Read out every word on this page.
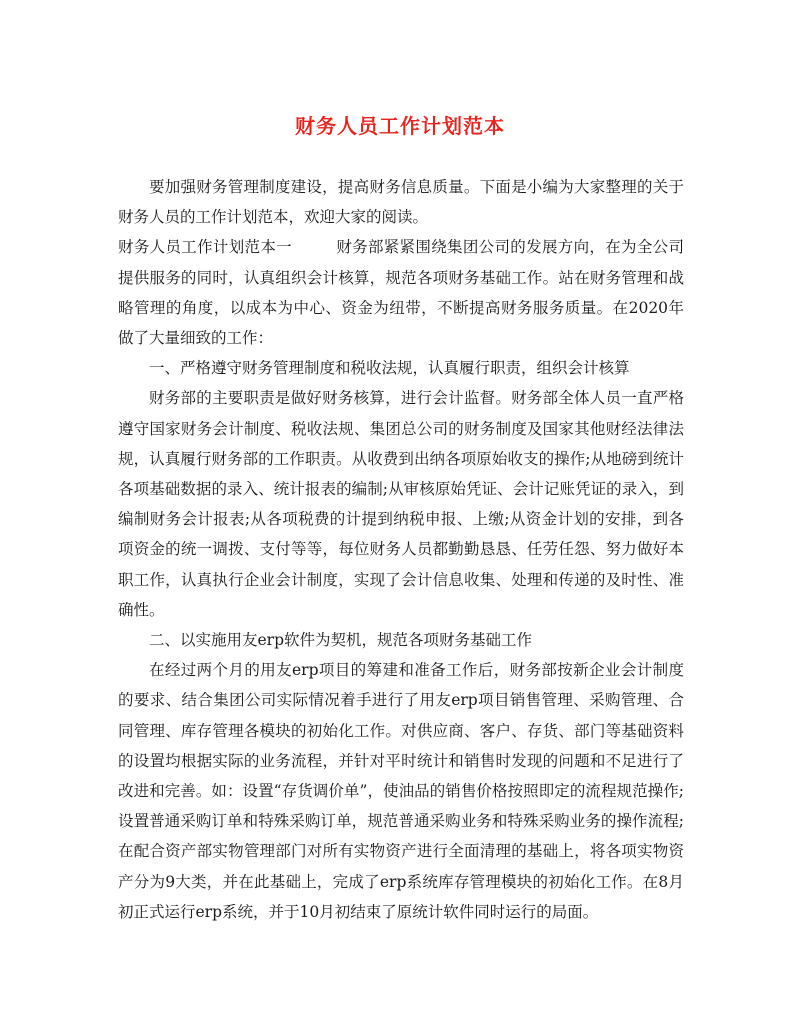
财务人员工作计划范本

要加强财务管理制度建设，提高财务信息质量。下面是小编为大家整理的关于财务人员的工作计划范本，欢迎大家的阅读。

财务人员工作计划范本一	财务部紧紧围绕集团公司的发展方向，在为全公司提供服务的同时，认真组织会计核算，规范各项财务基础工作。站在财务管理和战略管理的角度，以成本为中心、资金为纽带，不断提高财务服务质量。在2020年做了大量细致的工作：

一、严格遵守财务管理制度和税收法规，认真履行职责，组织会计核算

财务部的主要职责是做好财务核算，进行会计监督。财务部全体人员一直严格遵守国家财务会计制度、税收法规、集团总公司的财务制度及国家其他财经法律法规，认真履行财务部的工作职责。从收费到出纳各项原始收支的操作;从地磅到统计各项基础数据的录入、统计报表的编制;从审核原始凭证、会计记账凭证的录入，到编制财务会计报表;从各项税费的计提到纳税申报、上缴;从资金计划的安排，到各项资金的统一调拨、支付等等，每位财务人员都勤勤恳恳、任劳任怨、努力做好本职工作，认真执行企业会计制度，实现了会计信息收集、处理和传递的及时性、准确性。

二、以实施用友erp软件为契机，规范各项财务基础工作

在经过两个月的用友erp项目的筹建和准备工作后，财务部按新企业会计制度的要求、结合集团公司实际情况着手进行了用友erp项目销售管理、采购管理、合同管理、库存管理各模块的初始化工作。对供应商、客户、存货、部门等基础资料的设置均根据实际的业务流程，并针对平时统计和销售时发现的问题和不足进行了改进和完善。如：设置“存货调价单”，使油品的销售价格按照即定的流程规范操作;设置普通采购订单和特殊采购订单，规范普通采购业务和特殊采购业务的操作流程;在配合资产部实物管理部门对所有实物资产进行全面清理的基础上，将各项实物资产分为9大类，并在此基础上，完成了erp系统库存管理模块的初始化工作。在8月初正式运行erp系统，并于10月初结束了原统计软件同时运行的局面。
